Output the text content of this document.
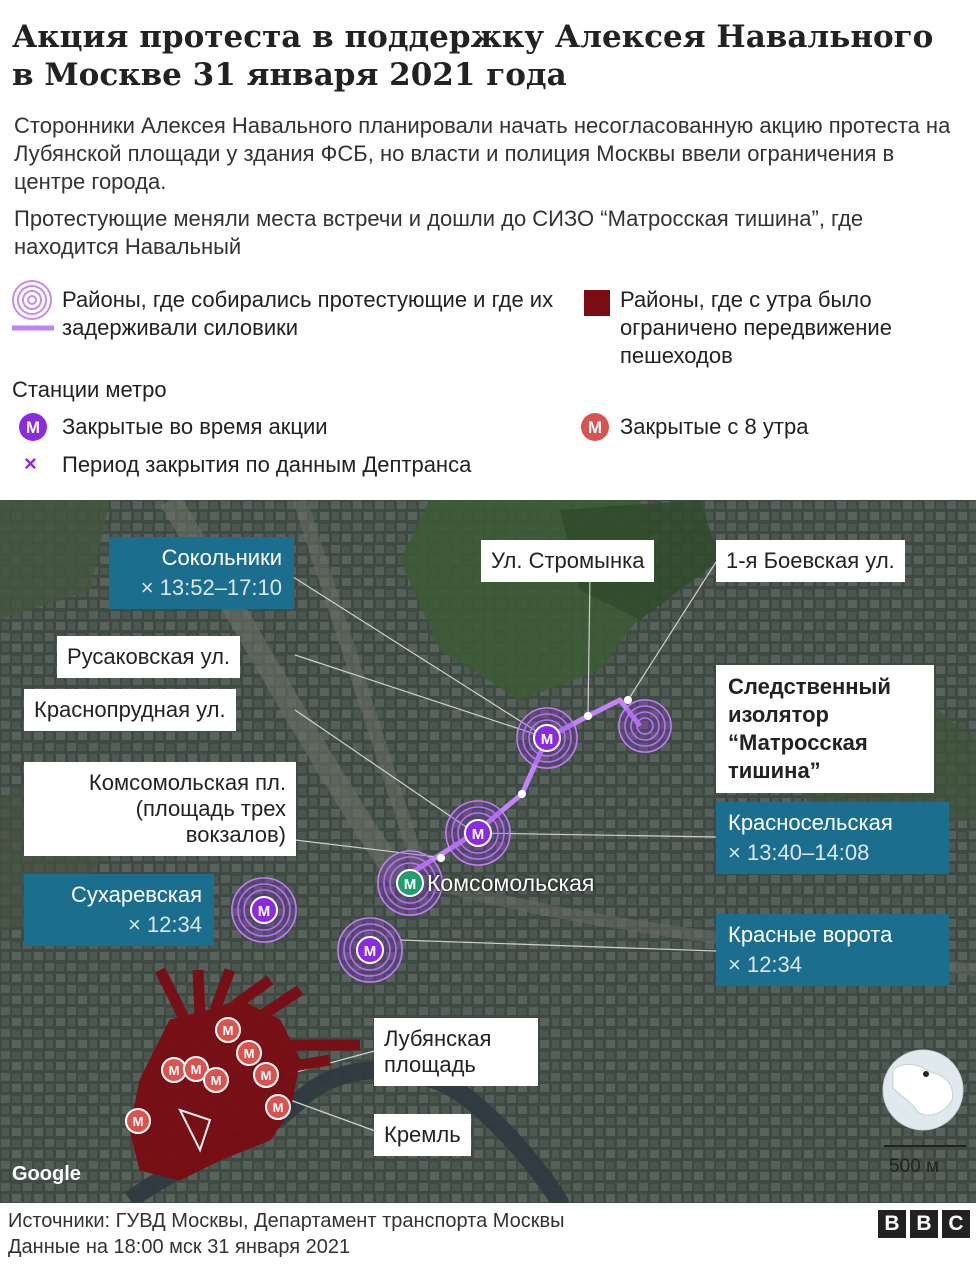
Акция протеста в поддержку Алексея Навального в Москве 31 января 2021 года
Сторонники Алексея Навального планировали начать несогласованную акцию протеста на Лубянской площади у здания ФСБ, но власти и полиция Москвы ввели ограничения в центре города.
Протестующие меняли места встречи и дошли до СИЗО “Матросская тишина”, где находится Навальный
Районы, где собирались протестующие и где их задерживали силовики
Районы, где с утра было ограничено передвижение пешеходов
Станции метро
M Закрытые во время акции	M Закрытые с 8 утра
× Период закрытия по данным Дептранса
M
M
M
M
M
M
M
M M
M	M
M
M
Ул. Стромынка	1-я Боевская ул.
Русаковская ул.
Краснопрудная ул.
Комсомольская пл. (площадь трех вокзалов)
Лубянская площадь
Кремль
Следственный изолятор “Матросская тишина”
Комсомольская
Сокольники
× 13:52–17:10
Красносельская
× 13:40–14:08
Сухаревская
× 12:34	Красные ворота
× 12:34
Google	500 м
Источники: ГУВД Москвы, Департамент транспорта Москвы
Данные на 18:00 мск 31 января 2021
B B C
